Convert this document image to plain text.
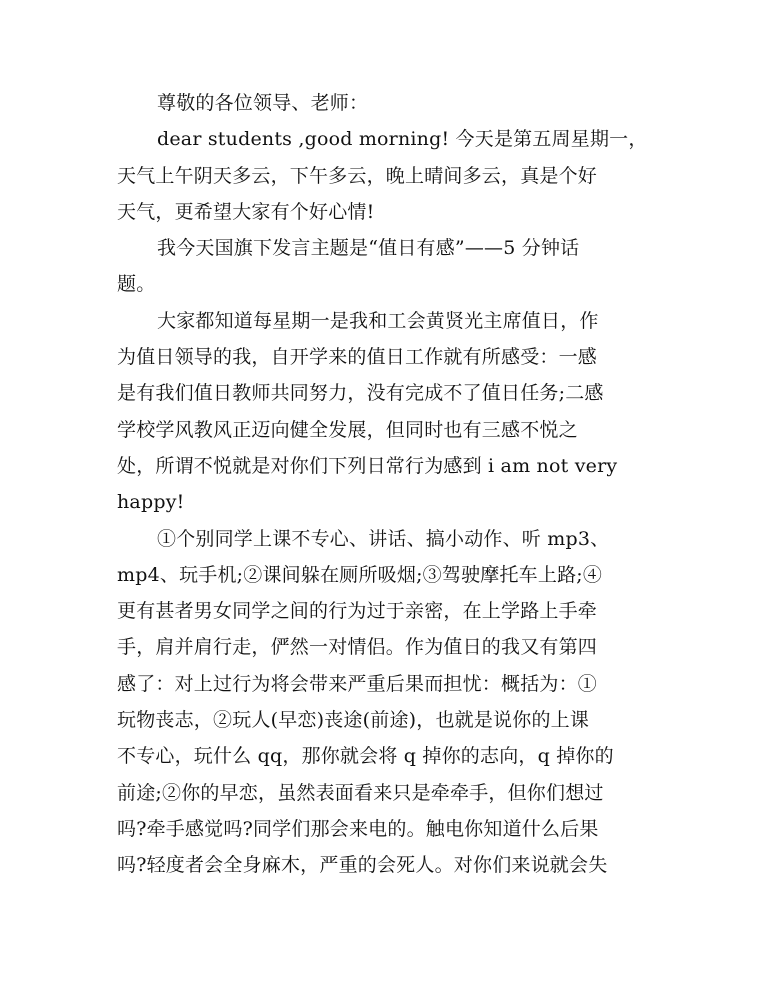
尊敬的各位领导、老师：
dear students ,good morning! 今天是第五周星期一，
天气上午阴天多云，下午多云，晚上晴间多云，真是个好
天气，更希望大家有个好心情!
我今天国旗下发言主题是“值日有感”——5 分钟话
题。
大家都知道每星期一是我和工会黄贤光主席值日，作
为值日领导的我，自开学来的值日工作就有所感受：一感
是有我们值日教师共同努力，没有完成不了值日任务;二感
学校学风教风正迈向健全发展，但同时也有三感不悦之
处，所谓不悦就是对你们下列日常行为感到 i am not very
happy!
①个别同学上课不专心、讲话、搞小动作、听 mp3、
mp4、玩手机;②课间躲在厕所吸烟;③驾驶摩托车上路;④
更有甚者男女同学之间的行为过于亲密，在上学路上手牵
手，肩并肩行走，俨然一对情侣。作为值日的我又有第四
感了：对上过行为将会带来严重后果而担忧：概括为：①
玩物丧志，②玩人(早恋)丧途(前途)，也就是说你的上课
不专心，玩什么 qq，那你就会将 q 掉你的志向，q 掉你的
前途;②你的早恋，虽然表面看来只是牵牵手，但你们想过
吗?牵手感觉吗?同学们那会来电的。触电你知道什么后果
吗?轻度者会全身麻木，严重的会死人。对你们来说就会失
